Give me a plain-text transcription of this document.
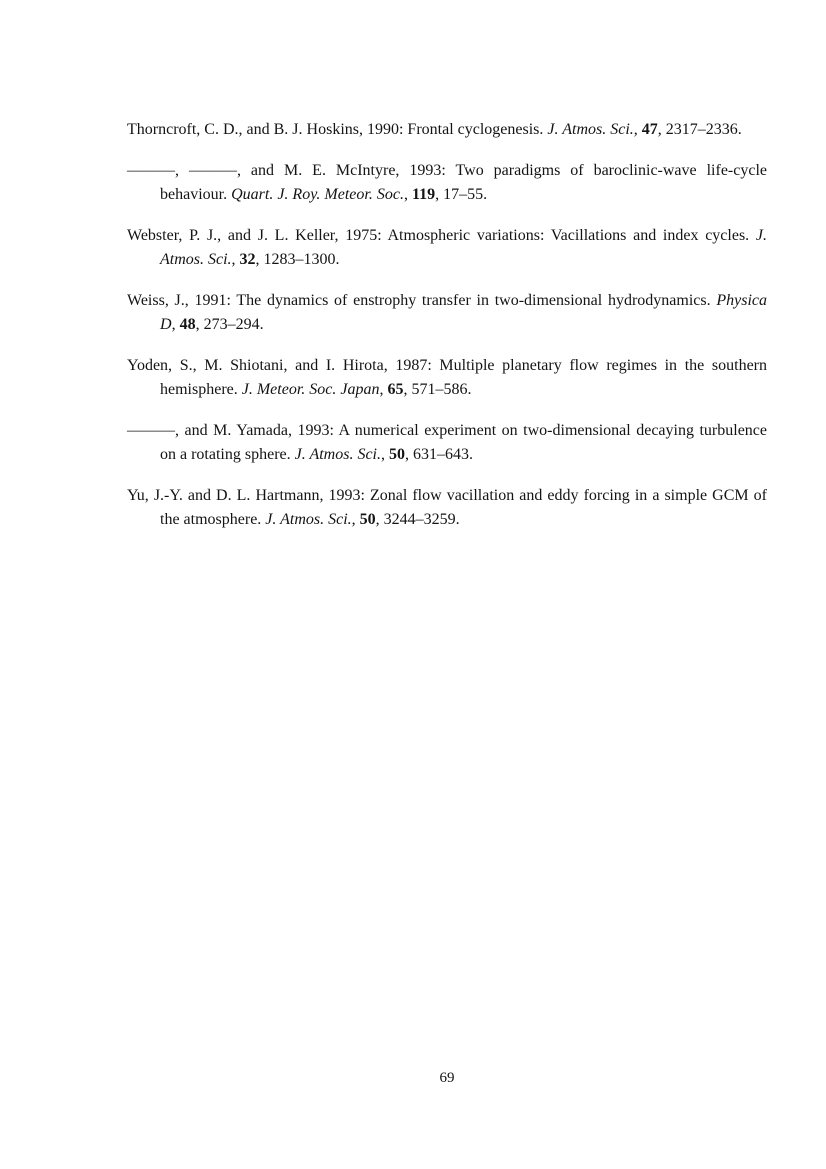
Thorncroft, C. D., and B. J. Hoskins, 1990: Frontal cyclogenesis. J. Atmos. Sci., 47, 2317–2336.

———, ———, and M. E. McIntyre, 1993: Two paradigms of baroclinic-wave life-cycle behaviour. Quart. J. Roy. Meteor. Soc., 119, 17–55.

Webster, P. J., and J. L. Keller, 1975: Atmospheric variations: Vacillations and index cycles. J. Atmos. Sci., 32, 1283–1300.

Weiss, J., 1991: The dynamics of enstrophy transfer in two-dimensional hydrodynamics. Physica D, 48, 273–294.

Yoden, S., M. Shiotani, and I. Hirota, 1987: Multiple planetary flow regimes in the southern hemisphere. J. Meteor. Soc. Japan, 65, 571–586.

———, and M. Yamada, 1993: A numerical experiment on two-dimensional decaying turbulence on a rotating sphere. J. Atmos. Sci., 50, 631–643.

Yu, J.-Y. and D. L. Hartmann, 1993: Zonal flow vacillation and eddy forcing in a simple GCM of the atmosphere. J. Atmos. Sci., 50, 3244–3259.

69
